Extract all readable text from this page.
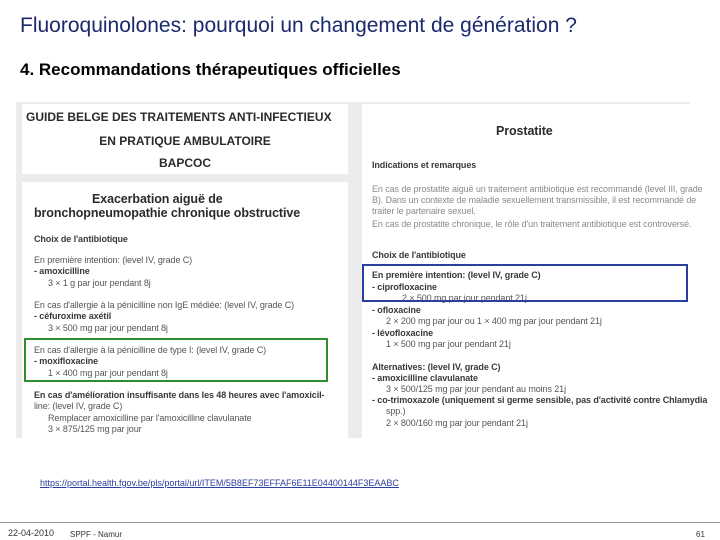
Fluoroquinolones: pourquoi un changement de génération ?
4. Recommandations thérapeutiques officielles
GUIDE BELGE DES TRAITEMENTS ANTI-INFECTIEUX
EN PRATIQUE AMBULATOIRE
BAPCOC
Exacerbation aiguë de
bronchopneumopathie chronique obstructive
Choix de l'antibiotique
En première intention: (level IV, grade C)
- amoxicilline
3 × 1 g par jour pendant 8j
En cas d'allergie à la pénicilline non IgE médiée: (level IV, grade C)
- céfuroxime axétil
3 × 500 mg par jour pendant 8j
En cas d'allergie à la pénicilline de type I: (level IV, grade C)
- moxifloxacine
1 × 400 mg par jour pendant 8j
En cas d'amélioration insuffisante dans les 48 heures avec l'amoxicil-
line: (level IV, grade C)
Remplacer amoxicilline par l'amoxicilline clavulanate
3 × 875/125 mg par jour
Prostatite
Indications et remarques
En cas de prostatite aiguë un traitement antibiotique est recommandé (level III, grade
B). Dans un contexte de maladie sexuellement transmissible, il est recommandé de
traiter le partenaire sexuel.
En cas de prostatite chronique, le rôle d'un traitement antibiotique est controversé.
Choix de l'antibiotique
En première intention: (level IV, grade C)
- ciprofloxacine
2 × 500 mg par jour pendant 21j
- ofloxacine
2 × 200 mg par jour ou 1 × 400 mg par jour pendant 21j
- lévofloxacine
1 × 500 mg par jour pendant 21j
Alternatives: (level IV, grade C)
- amoxicilline clavulanate
3 × 500/125 mg par jour pendant au moins 21j
- co-trimoxazole (uniquement si germe sensible, pas d'activité contre Chlamydia
spp.)
2 × 800/160 mg par jour pendant 21j
https://portal.health.fgov.be/pls/portal/url/ITEM/5B8EF73EFFAF6E11E04400144F3EAABC
22-04-2010 SPPF - Namur	61
